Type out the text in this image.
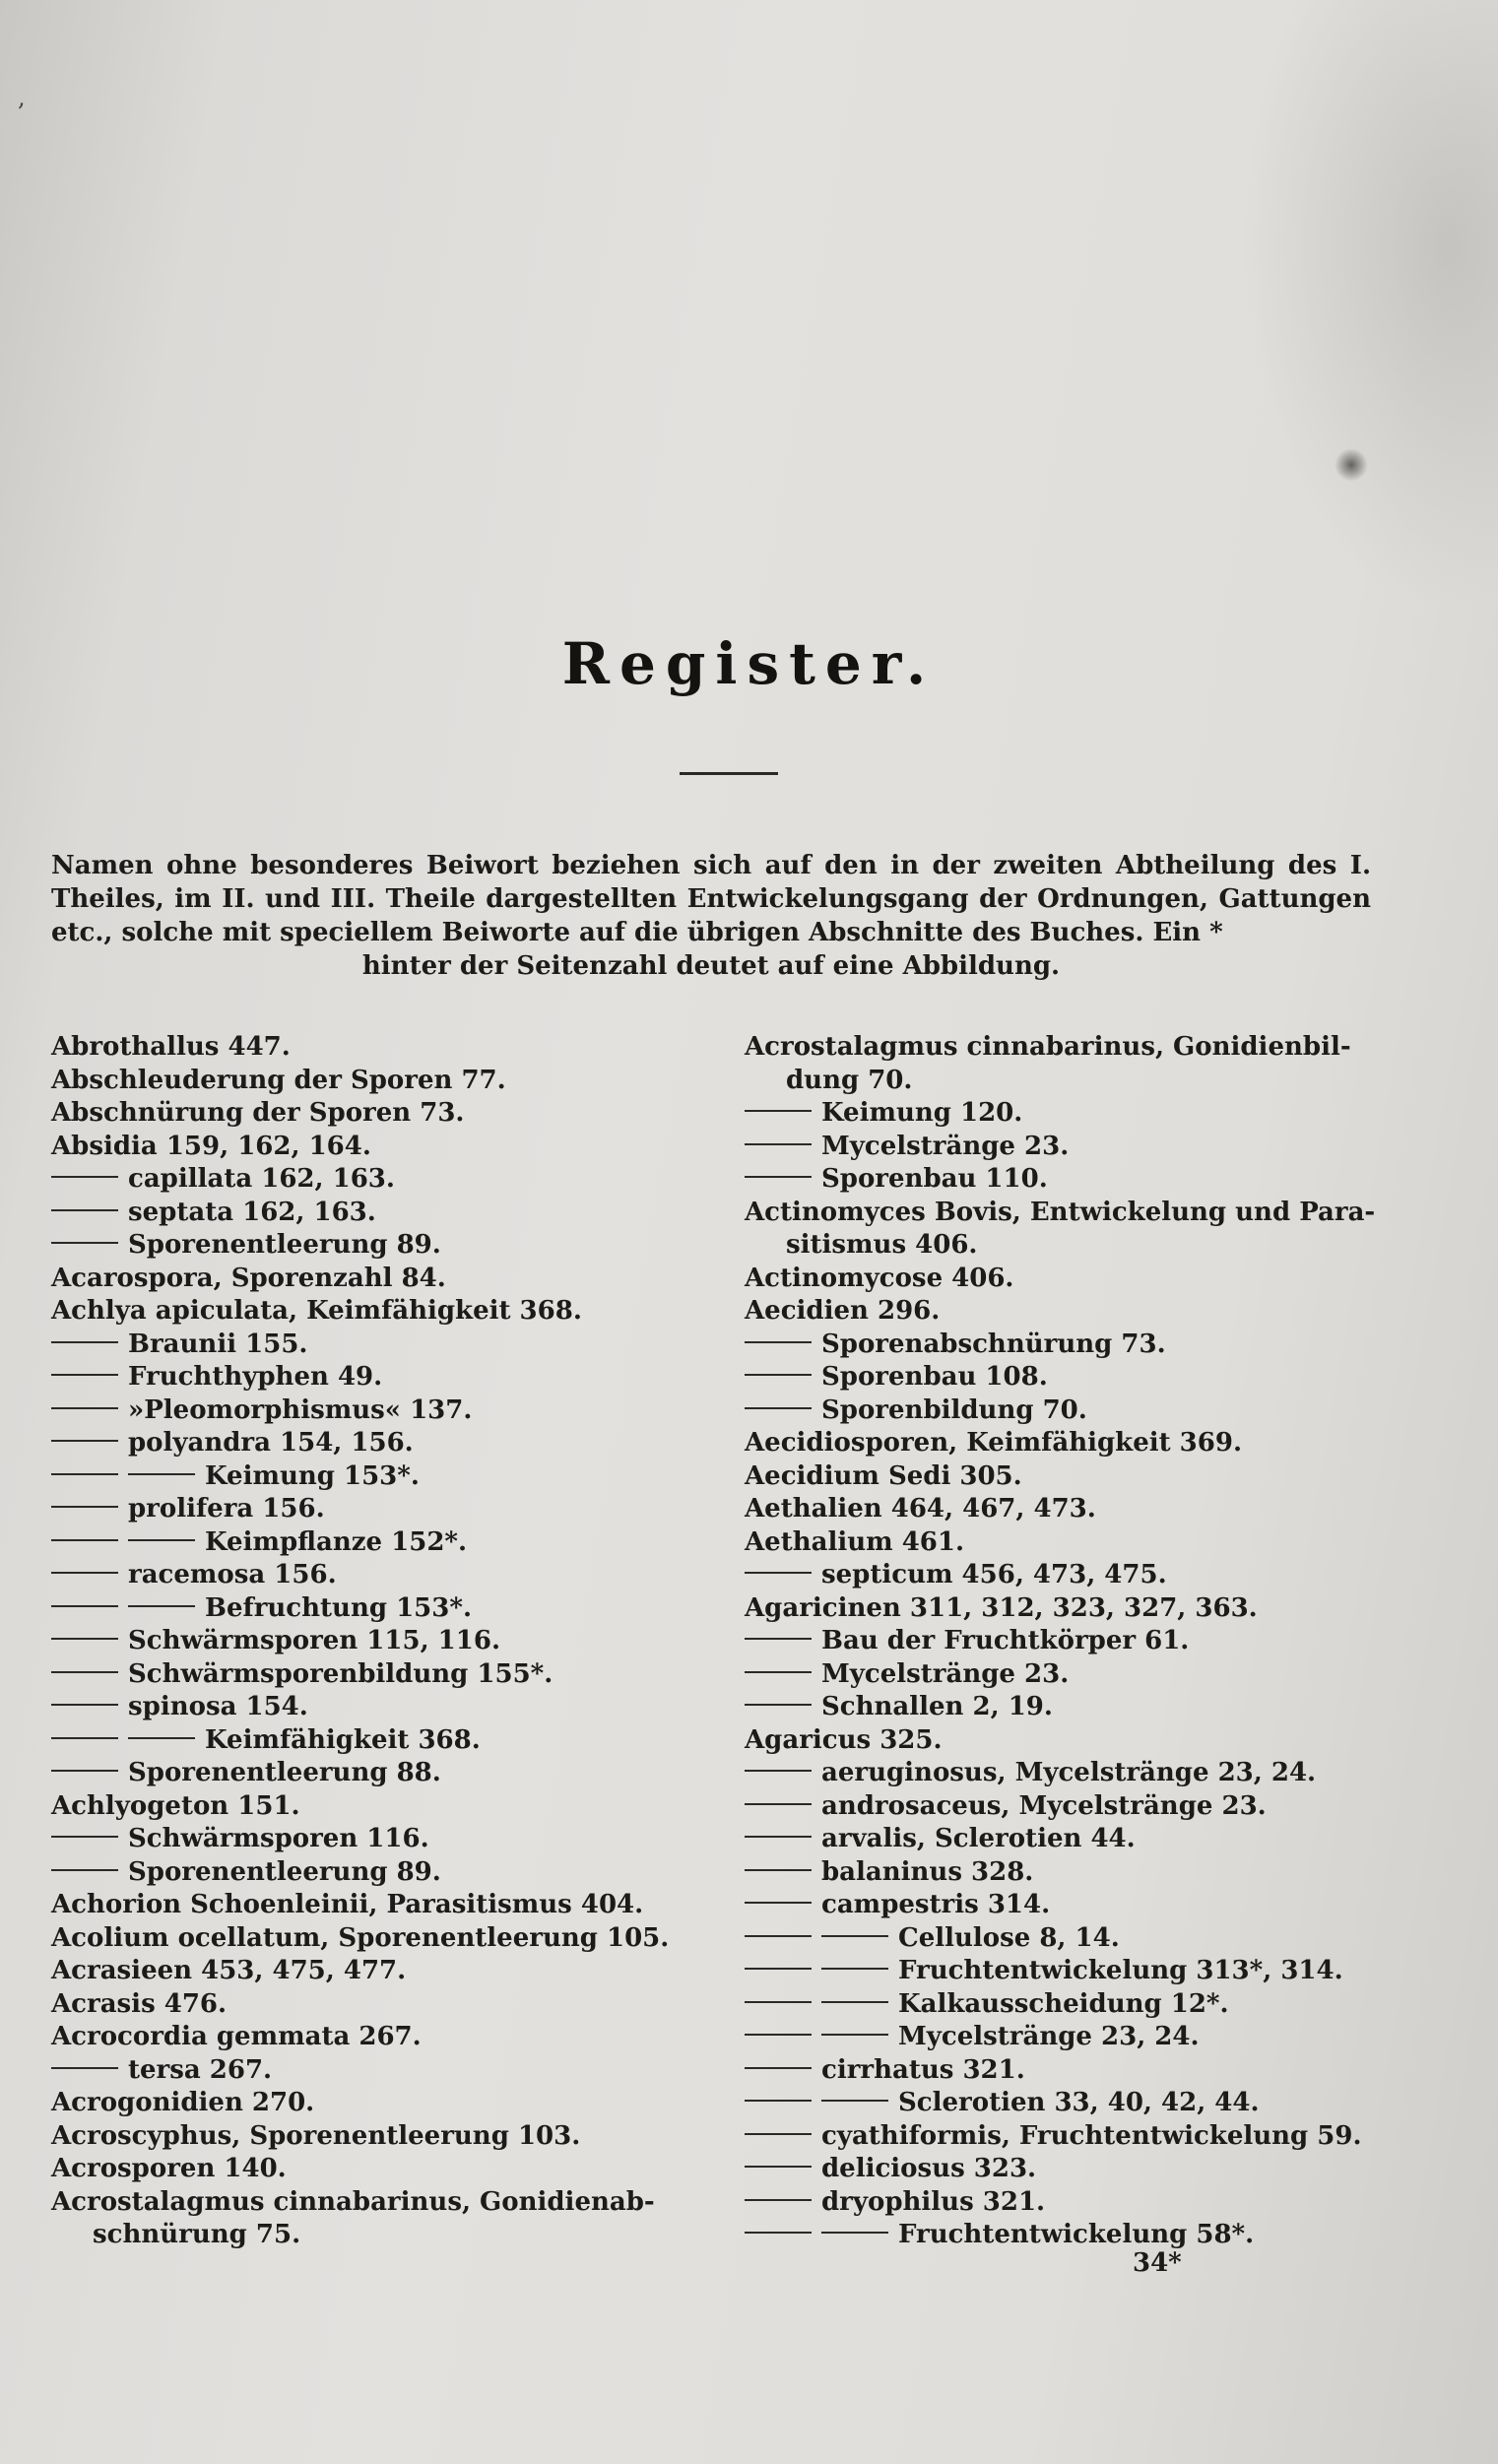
,
Register.
Namen ohne besonderes Beiwort beziehen sich auf den in der zweiten Abtheilung des I. Theiles, im II. und III. Theile dargestellten Entwickelungsgang der Ordnungen, Gattungen etc., solche mit speciellem Beiworte auf die übrigen Abschnitte des Buches. Ein *
hinter der Seitenzahl deutet auf eine Abbildung.
Abrothallus 447.
Abschleuderung der Sporen 77.
Abschnürung der Sporen 73.
Absidia 159, 162, 164.
capillata 162, 163.
septata 162, 163.
Sporenentleerung 89.
Acarospora, Sporenzahl 84.
Achlya apiculata, Keimfähigkeit 368.
Braunii 155.
Fruchthyphen 49.
»Pleomorphismus« 137.
polyandra 154, 156.
Keimung 153*.
prolifera 156.
Keimpflanze 152*.
racemosa 156.
Befruchtung 153*.
Schwärmsporen 115, 116.
Schwärmsporenbildung 155*.
spinosa 154.
Keimfähigkeit 368.
Sporenentleerung 88.
Achlyogeton 151.
Schwärmsporen 116.
Sporenentleerung 89.
Achorion Schoenleinii, Parasitismus 404.
Acolium ocellatum, Sporenentleerung 105.
Acrasieen 453, 475, 477.
Acrasis 476.
Acrocordia gemmata 267.
tersa 267.
Acrogonidien 270.
Acroscyphus, Sporenentleerung 103.
Acrosporen 140.
Acrostalagmus cinnabarinus, Gonidienab-
schnürung 75.
Acrostalagmus cinnabarinus, Gonidienbil-
dung 70.
Keimung 120.
Mycelstränge 23.
Sporenbau 110.
Actinomyces Bovis, Entwickelung und Para-
sitismus 406.
Actinomycose 406.
Aecidien 296.
Sporenabschnürung 73.
Sporenbau 108.
Sporenbildung 70.
Aecidiosporen, Keimfähigkeit 369.
Aecidium Sedi 305.
Aethalien 464, 467, 473.
Aethalium 461.
septicum 456, 473, 475.
Agaricinen 311, 312, 323, 327, 363.
Bau der Fruchtkörper 61.
Mycelstränge 23.
Schnallen 2, 19.
Agaricus 325.
aeruginosus, Mycelstränge 23, 24.
androsaceus, Mycelstränge 23.
arvalis, Sclerotien 44.
balaninus 328.
campestris 314.
Cellulose 8, 14.
Fruchtentwickelung 313*, 314.
Kalkausscheidung 12*.
Mycelstränge 23, 24.
cirrhatus 321.
Sclerotien 33, 40, 42, 44.
cyathiformis, Fruchtentwickelung 59.
deliciosus 323.
dryophilus 321.
Fruchtentwickelung 58*.
34*
